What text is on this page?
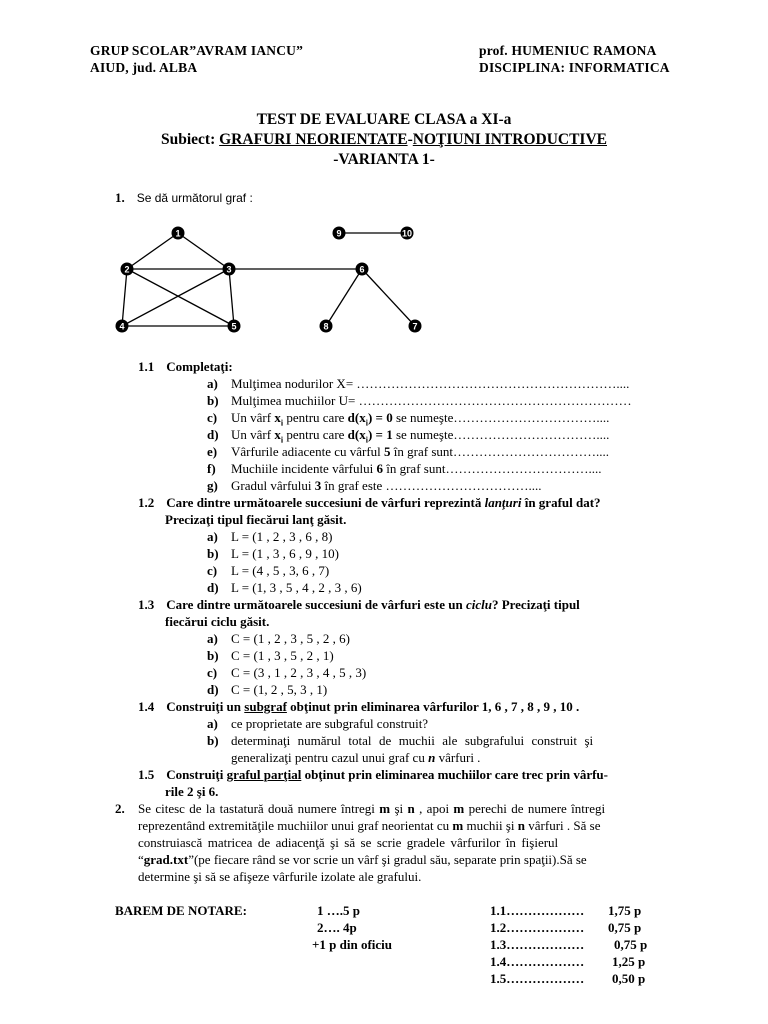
GRUP SCOLAR”AVRAM IANCU”
AIUD, jud. ALBA
prof. HUMENIUC RAMONA
DISCIPLINA: INFORMATICA
TEST DE EVALUARE CLASA a XI-a
Subiect: GRAFURI NEORIENTATE-NOŢIUNI INTRODUCTIVE
-VARIANTA 1-
1. Se dă următorul graf :
1
2	3
4	5
6
7
8
9	10
1.1 Completaţi:
a) Mulţimea nodurilor X= ……………………………………………………....
b) Mulţimea muchiilor U= ………………………………………………………
c) Un vârf $x_i$ pentru care $d(x_i) = 0$ se numeşte……………………………....
d) Un vârf $x_i$ pentru care $d(x_i) = 1$ se numeşte……………………………....
e) Vârfurile adiacente cu vârful 5 în graf sunt……………………………....
f) Muchiile incidente vârfului 6 în graf sunt……………………………....
g) Gradul vârfului 3 în graf este ……………………………....
1.2 Care dintre următoarele succesiuni de vârfuri reprezintă lanţuri în graful dat?
Precizaţi tipul fiecărui lanţ găsit.
a) L = (1 , 2 , 3 , 6 , 8)
b) L = (1 , 3 , 6 , 9 , 10)
c) L = (4 , 5 , 3, 6 , 7)
d) L = (1, 3 , 5 , 4 , 2 , 3 , 6)
1.3 Care dintre următoarele succesiuni de vârfuri este un ciclu? Precizaţi tipul
fiecărui ciclu găsit.
a) C = (1 , 2 , 3 , 5 , 2 , 6)
b) C = (1 , 3 , 5 , 2 , 1)
c) C = (3 , 1 , 2 , 3 , 4 , 5 , 3)
d) C = (1, 2 , 5, 3 , 1)
1.4 Construiţi un subgraf obţinut prin eliminarea vârfurilor 1, 6 , 7 , 8 , 9 , 10 .
a) ce proprietate are subgraful construit?
b) determinaţi numărul total de muchii ale subgrafului construit şi
generalizaţi pentru cazul unui graf cu n vârfuri .
1.5 Construiţi graful parţial obţinut prin eliminarea muchiilor care trec prin vârfu-
rile 2 şi 6.
2. Se citesc de la tastatură două numere întregi m şi n , apoi m perechi de numere întregi
reprezentând extremităţile muchiilor unui graf neorientat cu m muchii şi n vârfuri . Să se
construiască matricea de adiacenţă şi să se scrie gradele vârfurilor în fişierul
“grad.txt”(pe fiecare rând se vor scrie un vârf şi gradul său, separate prin spaţii).Să se
determine şi să se afişeze vârfurile izolate ale grafului.
BAREM DE NOTARE:	1 ….5 p
2…. 4p
+1 p din oficiu
1.1……………… 1,75 p
1.2……………… 0,75 p
1.3……………… 0,75 p
1.4……………… 1,25 p
1.5……………… 0,50 p
